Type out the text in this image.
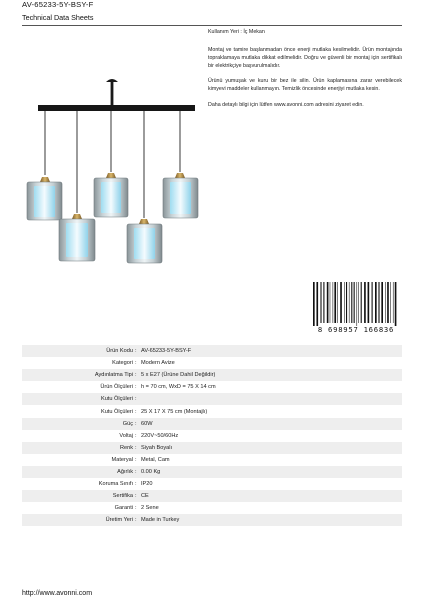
AV-65233-5Y-BSY-F
Technical Data Sheets

Kullanım Yeri : İç Mekan

Montaj ve tamire başlanmadan önce enerji mutlaka kesilmelidir. Ürün montajında topraklamaya mutlaka dikkat edilmelidir. Doğru ve güvenli bir montaj için sertifikalı bir elektrikçiye başvurulmalıdır.

Ürünü yumuşak ve kuru bir bez ile silin. Ürün kaplamasına zarar verebilecek kimyevi maddeler kullanmayın. Temizlik öncesinde enerjiyi mutlaka kesin.

Daha detaylı bilgi için lütfen www.avonni.com adresini ziyaret edin.

8 698957 166836
Ürün Kodu	:	AV-65233-5Y-BSY-F
Kategori	:	Modern Avize
Aydınlatma Tipi	:	5 x E27 (Ürüne Dahil Değildir)
Ürün Ölçüleri	:	h = 70 cm, WxD = 75 X 14 cm
Kutu Ölçüleri	:	
Kutu Ölçüleri	:	25 X 17 X 75 cm (Montajlı)
Güç	:	60W
Voltaj	:	220V~50/60Hz
Renk	:	Siyah Boyalı
Materyal	:	Metal, Cam
Ağırlık	:	0.00 Kg
Koruma Sınıfı	:	IP20
Sertifika	:	CE
Garanti	:	2 Sene
Üretim Yeri	:	Made in Turkey
http://www.avonni.com
